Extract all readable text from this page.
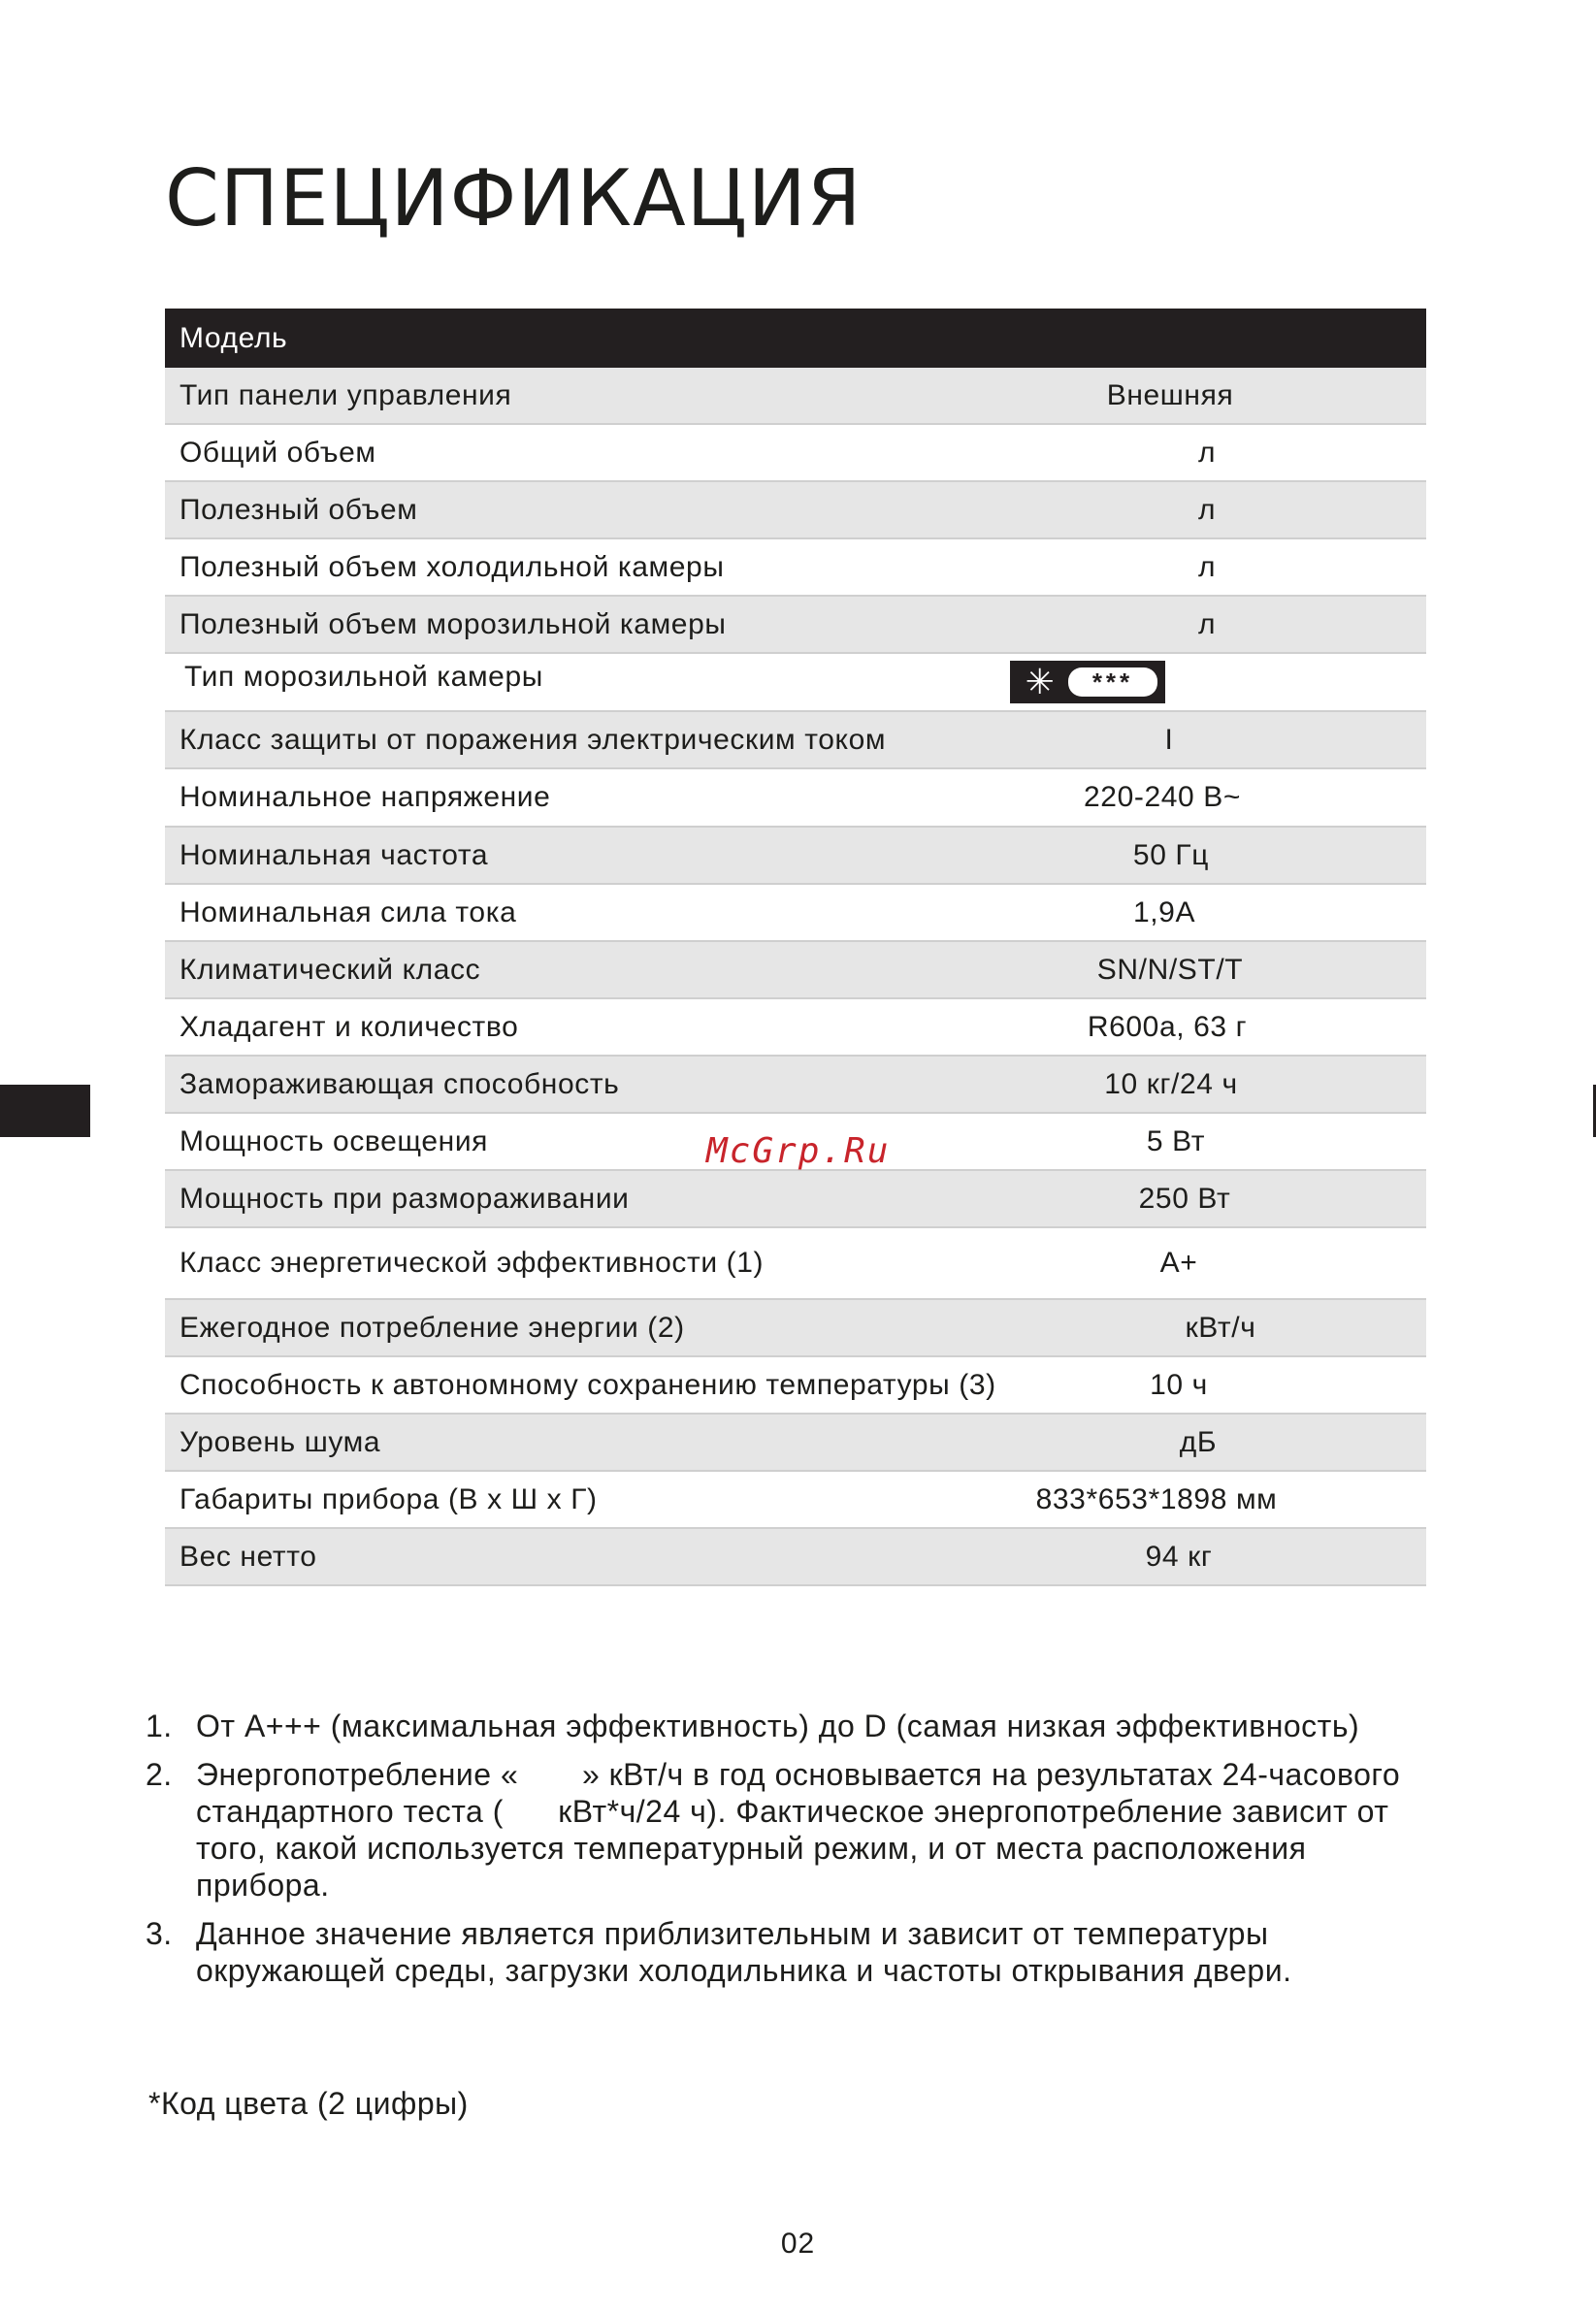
СПЕЦИФИКАЦИЯ
Модель
Тип панели управления	Внешняя
Общий объем	л
Полезный объем	л
Полезный объем холодильной камеры	л
Полезный объем морозильной камеры	л
Тип морозильной камеры	✳	***
Класс защиты от поражения электрическим током	I
Номинальное напряжение	220-240 В~
Номинальная частота	50 Гц
Номинальная сила тока	1,9A
Климатический класс	SN/N/ST/T
Хладагент и количество	R600a, 63 г
Замораживающая способность	10 кг/24 ч
Мощность освещения	5 Вт
Мощность при размораживании	250 Вт
Класс энергетической эффективности (1)	A+
Ежегодное потребление энергии (2)	кВт/ч
Способность к автономному сохранению температуры (3)	10 ч
Уровень шума	дБ
Габариты прибора (В х Ш х Г)	833*653*1898 мм
Вес нетто	94 кг
McGrp.Ru
1. От A+++ (максимальная эффективность) до D (самая низкая эффективность)
2. Энергопотребление «       » кВт/ч в год основывается на результатах 24-часового стандартного теста (      кВт*ч/24 ч). Фактическое энергопотребление зависит от того, какой используется температурный режим, и от места расположения прибора.
3. Данное значение является приблизительным и зависит от температуры окружающей среды, загрузки холодильника и частоты открывания двери.
*Код цвета (2 цифры)
02
